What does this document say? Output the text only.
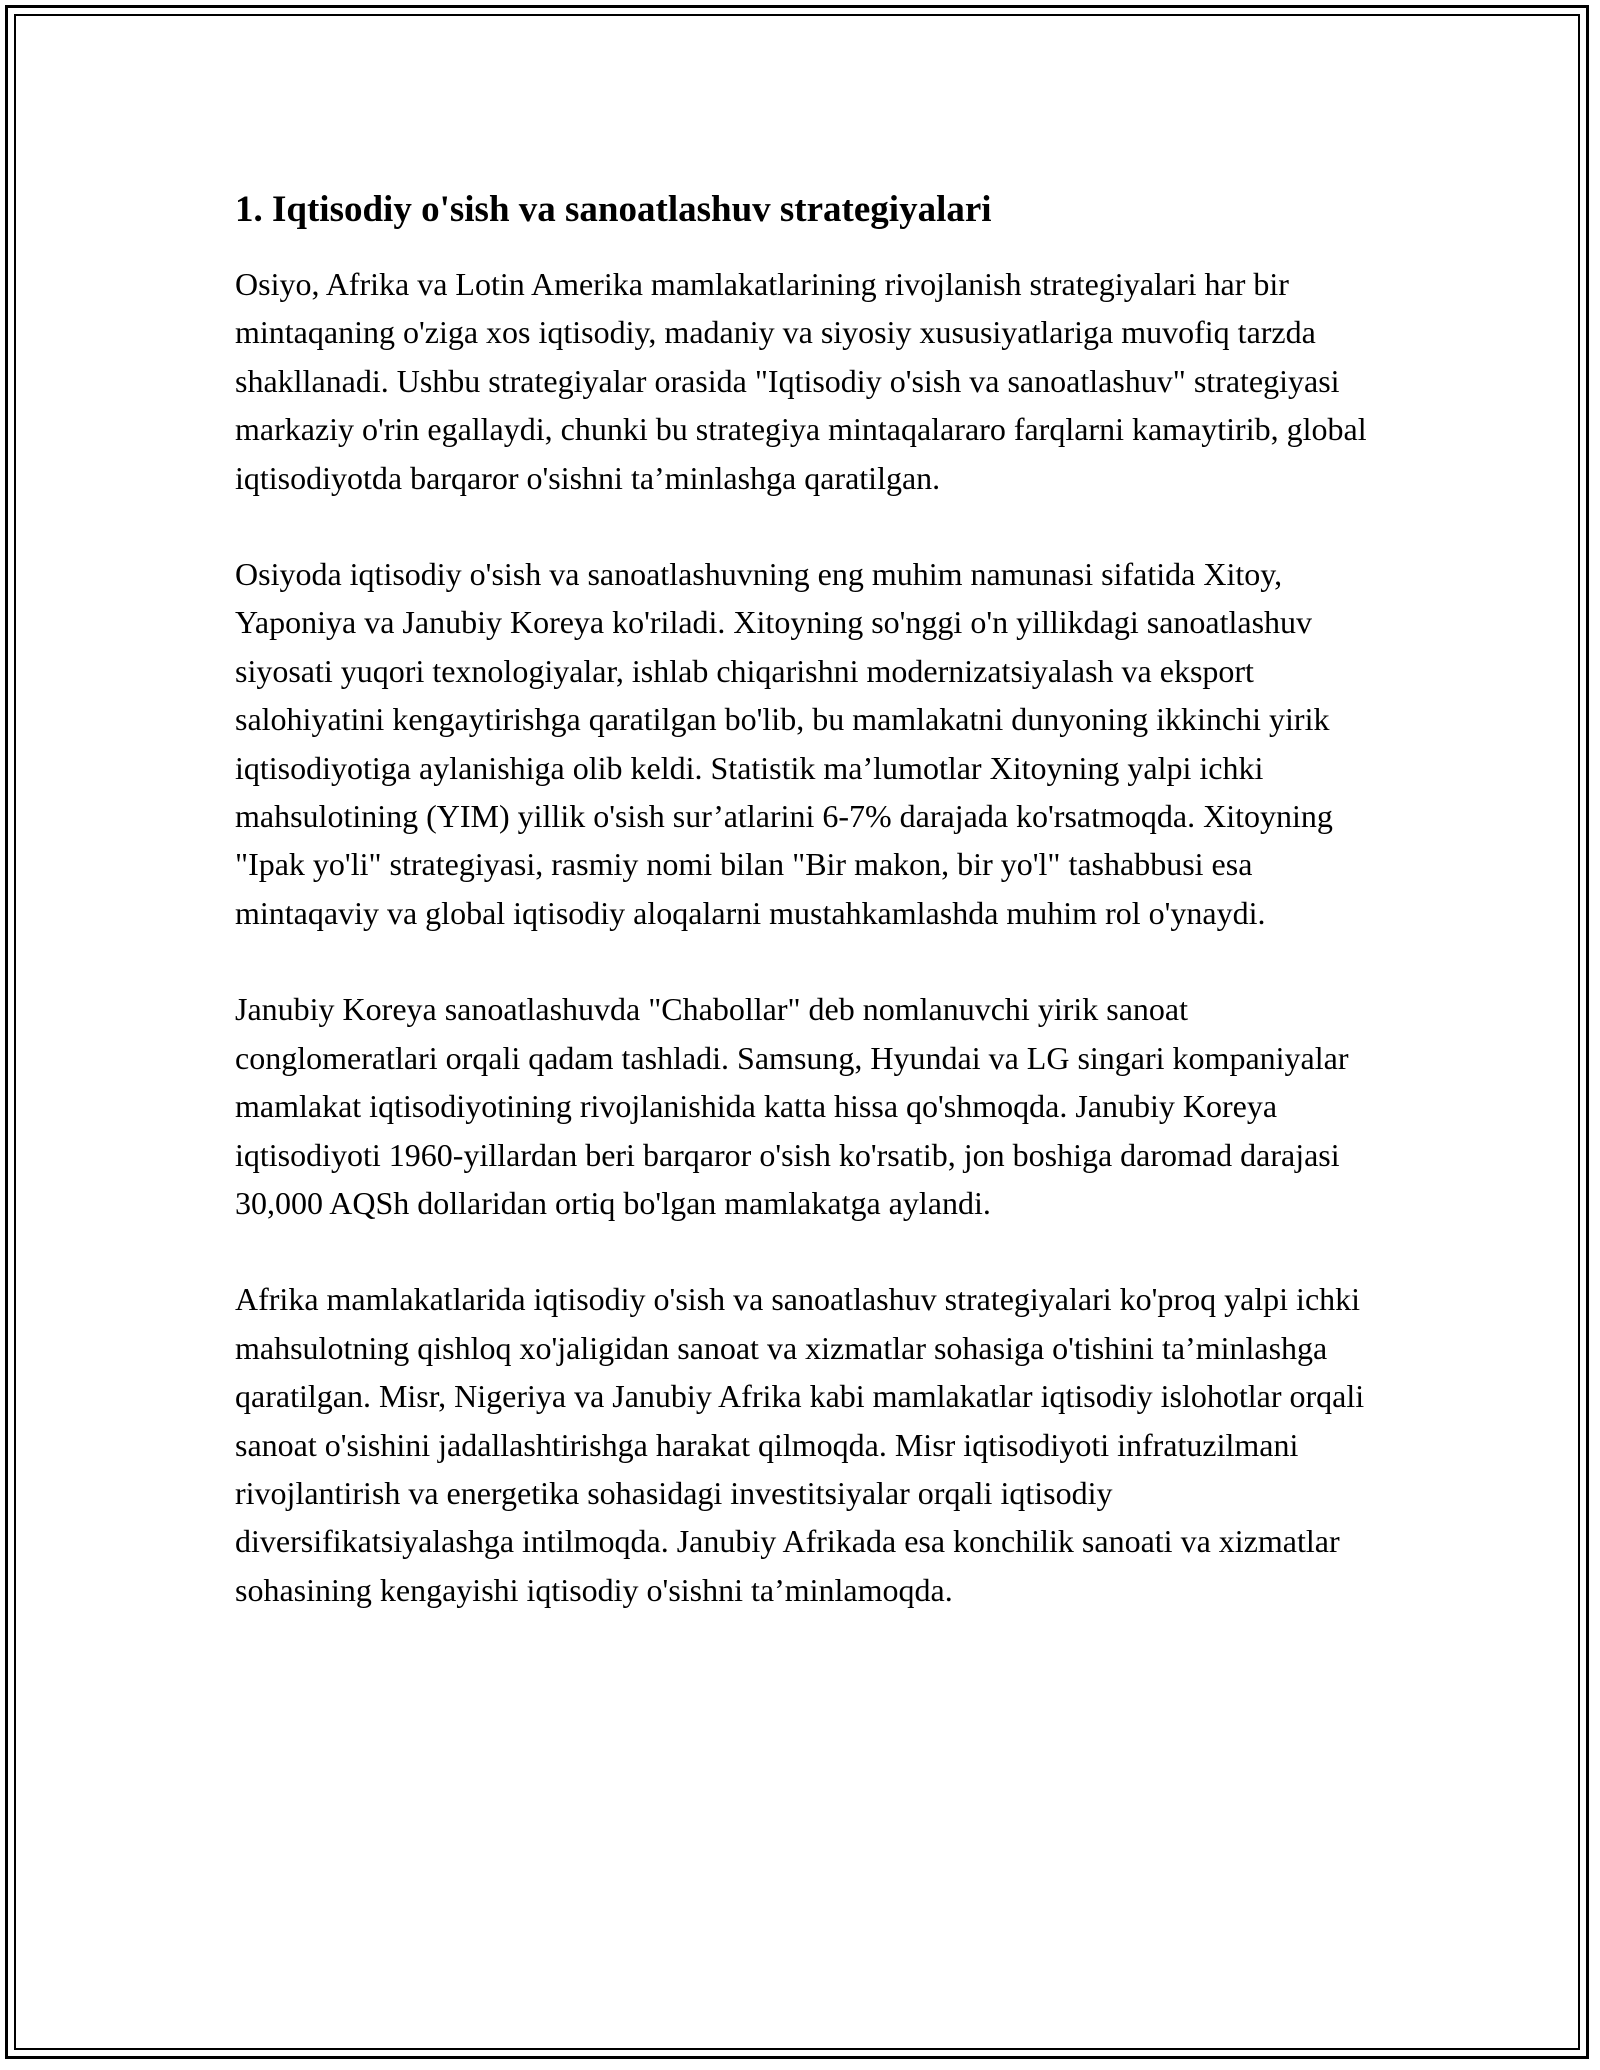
1. Iqtisodiy o'sish va sanoatlashuv strategiyalari

Osiyo, Afrika va Lotin Amerika mamlakatlarining rivojlanish strategiyalari har bir mintaqaning o'ziga xos iqtisodiy, madaniy va siyosiy xususiyatlariga muvofiq tarzda shakllanadi. Ushbu strategiyalar orasida "Iqtisodiy o'sish va sanoatlashuv" strategiyasi markaziy o'rin egallaydi, chunki bu strategiya mintaqalararo farqlarni kamaytirib, global iqtisodiyotda barqaror o'sishni ta’minlashga qaratilgan.

Osiyoda iqtisodiy o'sish va sanoatlashuvning eng muhim namunasi sifatida Xitoy, Yaponiya va Janubiy Koreya ko'riladi. Xitoyning so'nggi o'n yillikdagi sanoatlashuv siyosati yuqori texnologiyalar, ishlab chiqarishni modernizatsiyalash va eksport salohiyatini kengaytirishga qaratilgan bo'lib, bu mamlakatni dunyoning ikkinchi yirik iqtisodiyotiga aylanishiga olib keldi. Statistik ma’lumotlar Xitoyning yalpi ichki mahsulotining (YIM) yillik o'sish sur’atlarini 6-7% darajada ko'rsatmoqda. Xitoyning "Ipak yo'li" strategiyasi, rasmiy nomi bilan "Bir makon, bir yo'l" tashabbusi esa mintaqaviy va global iqtisodiy aloqalarni mustahkamlashda muhim rol o'ynaydi.

Janubiy Koreya sanoatlashuvda "Chabollar" deb nomlanuvchi yirik sanoat conglomeratlari orqali qadam tashladi. Samsung, Hyundai va LG singari kompaniyalar mamlakat iqtisodiyotining rivojlanishida katta hissa qo'shmoqda. Janubiy Koreya iqtisodiyoti 1960-yillardan beri barqaror o'sish ko'rsatib, jon boshiga daromad darajasi 30,000 AQSh dollaridan ortiq bo'lgan mamlakatga aylandi.

Afrika mamlakatlarida iqtisodiy o'sish va sanoatlashuv strategiyalari ko'proq yalpi ichki mahsulotning qishloq xo'jaligidan sanoat va xizmatlar sohasiga o'tishini ta’minlashga qaratilgan. Misr, Nigeriya va Janubiy Afrika kabi mamlakatlar iqtisodiy islohotlar orqali sanoat o'sishini jadallashtirishga harakat qilmoqda. Misr iqtisodiyoti infratuzilmani rivojlantirish va energetika sohasidagi investitsiyalar orqali iqtisodiy diversifikatsiyalashga intilmoqda. Janubiy Afrikada esa konchilik sanoati va xizmatlar sohasining kengayishi iqtisodiy o'sishni ta’minlamoqda.
